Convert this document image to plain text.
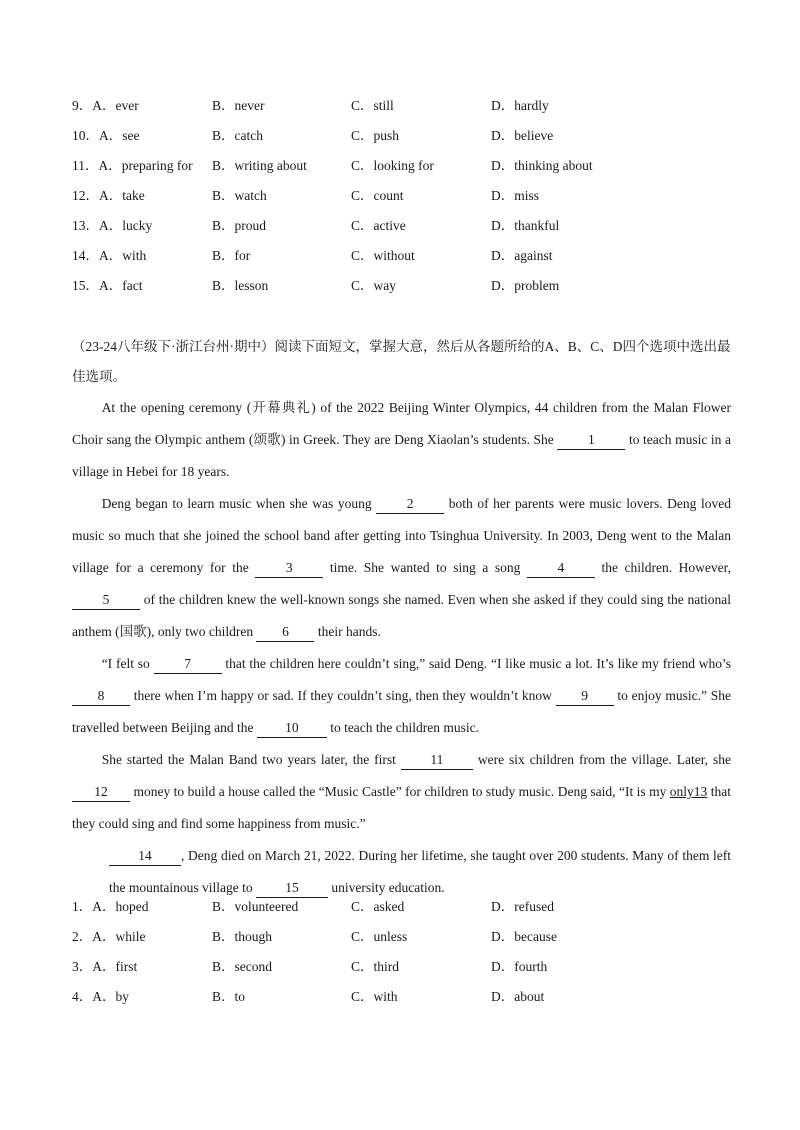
9．A．ever	B．never	C．still	D．hardly
10．A．see	B．catch	C．push	D．believe
11．A．preparing for B．writing about	C．looking for	D．thinking about
12．A．take	B．watch	C．count	D．miss
13．A．lucky	B．proud	C．active	D．thankful
14．A．with	B．for	C．without	D．against
15．A．fact	B．lesson	C．way	D．problem
（23-24八年级下·浙江台州·期中）阅读下面短文，掌握大意，然后从各题所给的A、B、C、D四个选项中选出最佳选项。

At the opening ceremony (开幕典礼) of the 2022 Beijing Winter Olympics, 44 children from the Malan Flower Choir sang the Olympic anthem (颂歌) in Greek. They are Deng Xiaolan’s students. She 1 to teach music in a village in Hebei for 18 years.

Deng began to learn music when she was young 2 both of her parents were music lovers. Deng loved music so much that she joined the school band after getting into Tsinghua University. In 2003, Deng went to the Malan village for a ceremony for the 3 time. She wanted to sing a song 4 the children. However, 5 of the children knew the well-known songs she named. Even when she asked if they could sing the national anthem (国歌), only two children 6 their hands.

“I felt so 7 that the children here couldn’t sing,” said Deng. “I like music a lot. It’s like my friend who’s 8 there when I’m happy or sad. If they couldn’t sing, then they wouldn’t know 9 to enjoy music.” She travelled between Beijing and the 10 to teach the children music.

She started the Malan Band two years later, the first 11 were six children from the village. Later, she 12 money to build a house called the “Music Castle” for children to study music. Deng said, “It is my only13 that they could sing and find some happiness from music.”

14 , Deng died on March 21, 2022. During her lifetime, she taught over 200 students. Many of them left the mountainous village to 15 university education.

1．A．hoped	B．volunteered	C．asked	D．refused
2．A．while	B．though	C．unless	D．because
3．A．first	B．second	C．third	D．fourth
4．A．by	B．to	C．with	D．about
